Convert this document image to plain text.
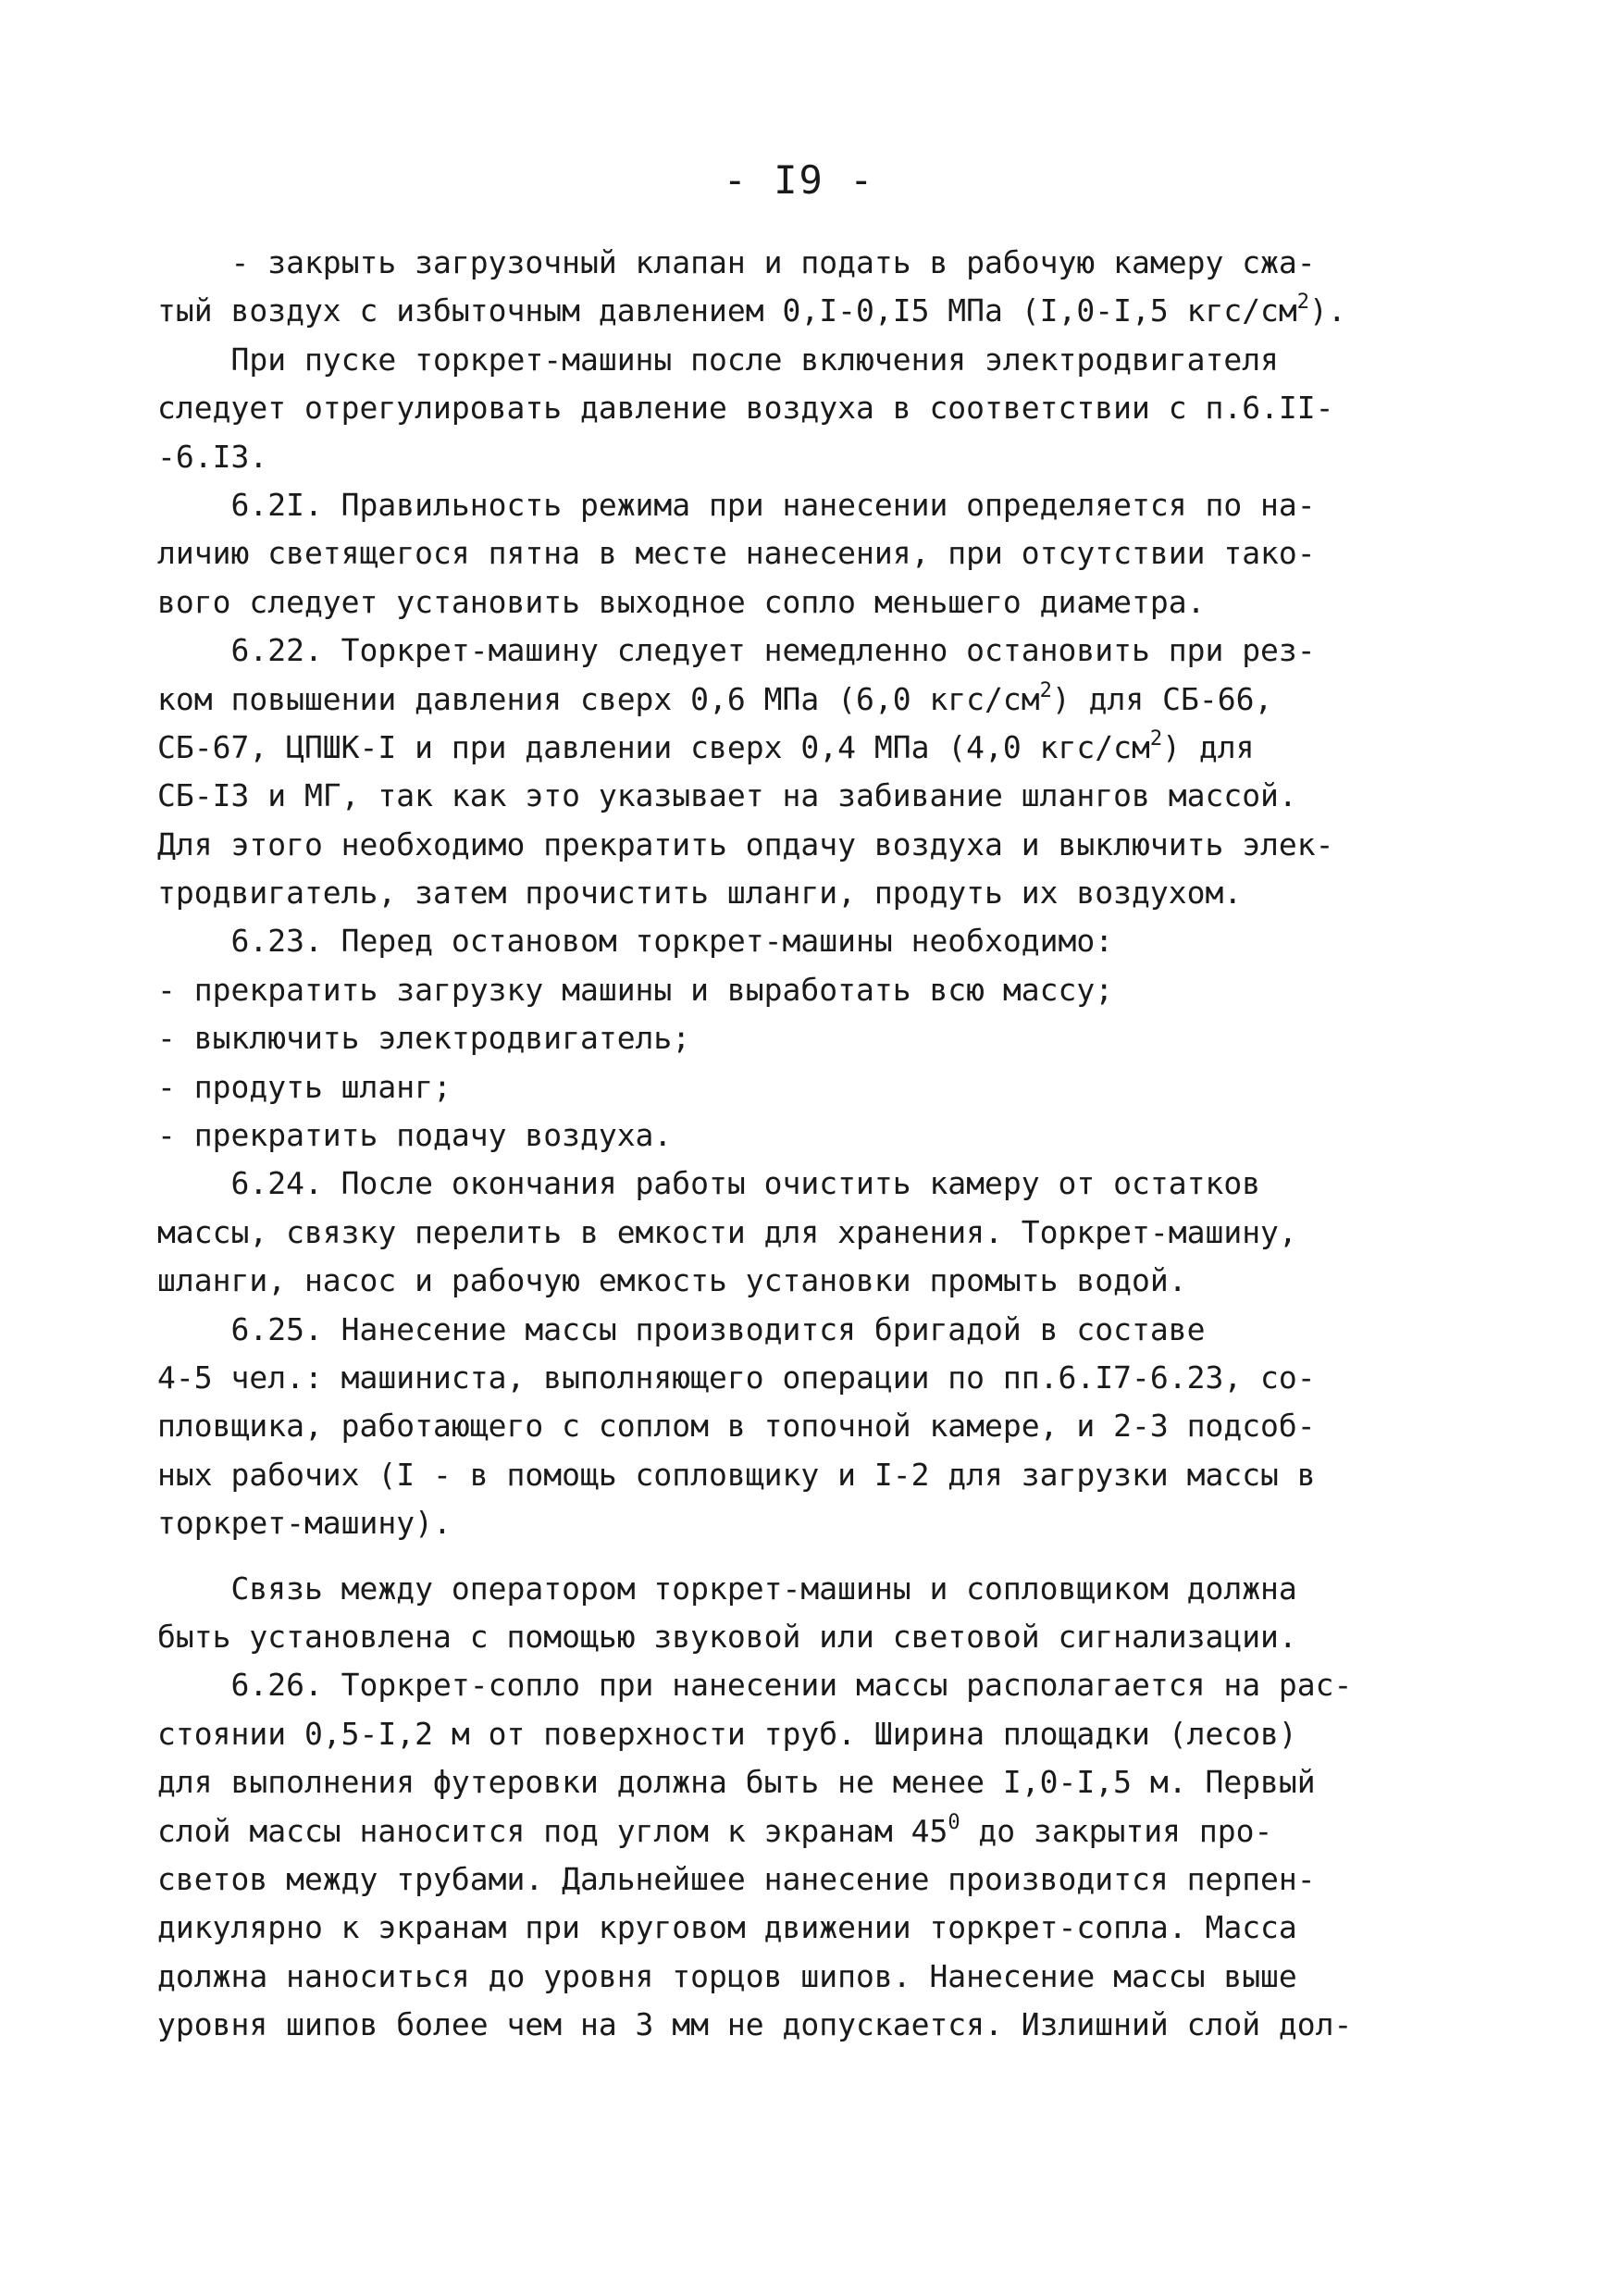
- I9 -
- закрыть загрузочный клапан и подать в рабочую камеру сжа-
тый воздух с избыточным давлением 0,I-0,I5 МПа (I,0-I,5 кгс/$см^2$).
При пуске торкрет-машины после включения электродвигателя
следует отрегулировать давление воздуха в соответствии с п.6.II-
-6.I3.
6.2I. Правильность режима при нанесении определяется по на-
личию светящегося пятна в месте нанесения, при отсутствии тако-
вого следует установить выходное сопло меньшего диаметра.
6.22. Торкрет-машину следует немедленно остановить при рез-
ком повышении давления сверх 0,6 МПа (6,0 кгс/$см^2$) для СБ-66,
СБ-67, ЦПШК-I и при давлении сверх 0,4 МПа (4,0 кгс/$см^2$) для
СБ-I3 и МГ, так как это указывает на забивание шлангов массой.
Для этого необходимо прекратить опдачу воздуха и выключить элек-
тродвигатель, затем прочистить шланги, продуть их воздухом.
6.23. Перед остановом торкрет-машины необходимо:
- прекратить загрузку машины и выработать всю массу;
- выключить электродвигатель;
- продуть шланг;
- прекратить подачу воздуха.
6.24. После окончания работы очистить камеру от остатков
массы, связку перелить в емкости для хранения. Торкрет-машину,
шланги, насос и рабочую емкость установки промыть водой.
6.25. Нанесение массы производится бригадой в составе
4-5 чел.: машиниста, выполняющего операции по пп.6.I7-6.23, со-
пловщика, работающего с соплом в топочной камере, и 2-3 подсоб-
ных рабочих (I - в помощь сопловщику и I-2 для загрузки массы в
торкрет-машину).
Связь между оператором торкрет-машины и сопловщиком должна
быть установлена с помощью звуковой или световой сигнализации.
6.26. Торкрет-сопло при нанесении массы располагается на рас-
стоянии 0,5-I,2 м от поверхности труб. Ширина площадки (лесов)
для выполнения футеровки должна быть не менее I,0-I,5 м. Первый
слой массы наносится под углом к экранам $45^0$ до закрытия про-
светов между трубами. Дальнейшее нанесение производится перпен-
дикулярно к экранам при круговом движении торкрет-сопла. Масса
должна наноситься до уровня торцов шипов. Нанесение массы выше
уровня шипов более чем на 3 мм не допускается. Излишний слой дол-
